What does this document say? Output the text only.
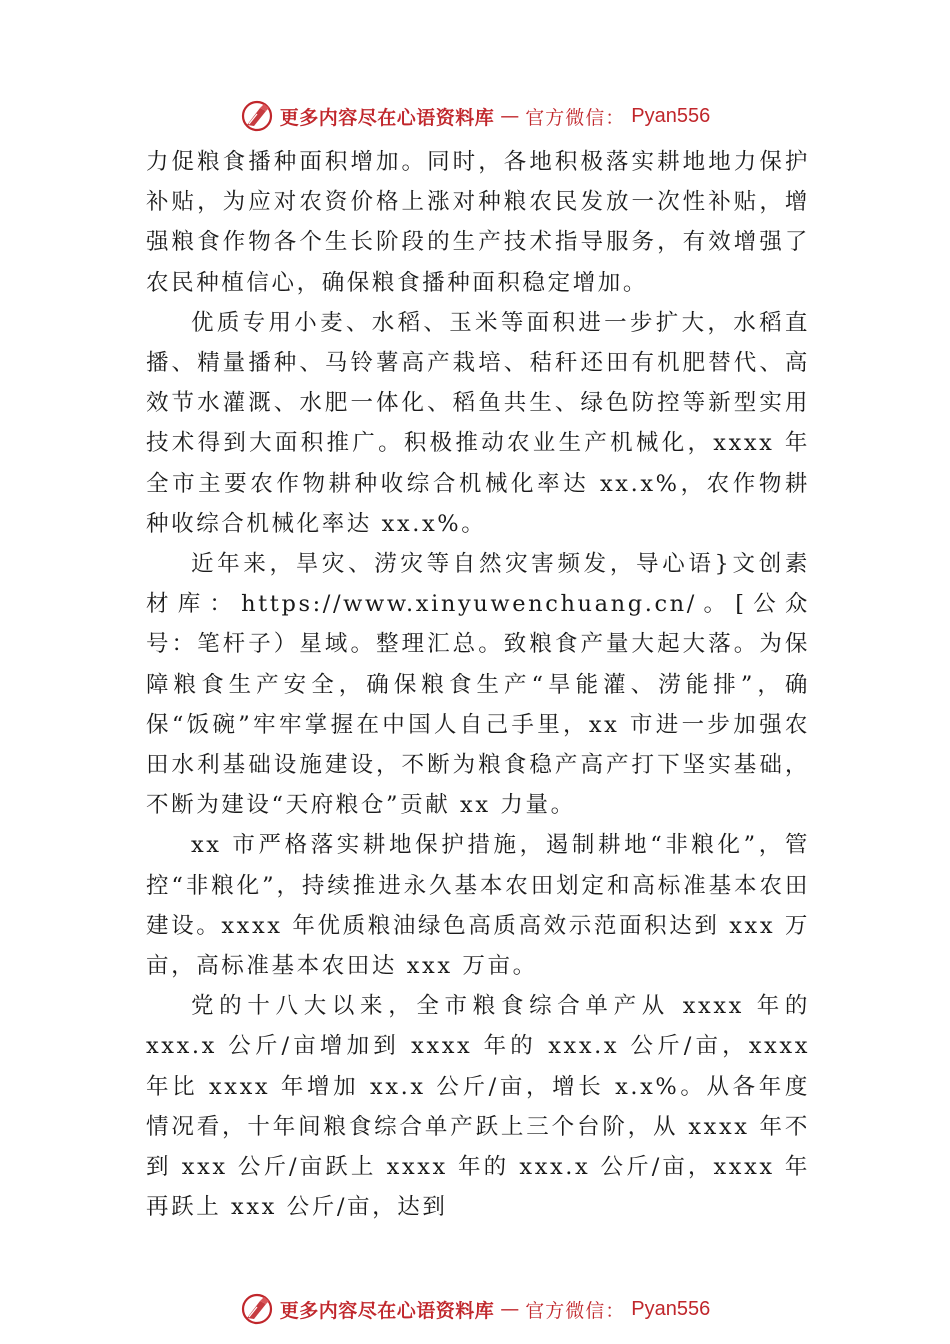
更多内容尽在心语资料库 — 官方微信： Pyan556

力促粮食播种面积增加。同时，各地积极落实耕地地力保护补贴，为应对农资价格上涨对种粮农民发放一次性补贴，增强粮食作物各个生长阶段的生产技术指导服务，有效增强了农民种植信心，确保粮食播种面积稳定增加。

优质专用小麦、水稻、玉米等面积进一步扩大，水稻直播、精量播种、马铃薯高产栽培、秸秆还田有机肥替代、高 效节水灌溉、水肥一体化、稻鱼共生、绿色防控等新型实用技术得到大面积推广。积极推动农业生产机械化，xxxx 年全市主要农作物耕种收综合机械化率达 xx.x%，农作物耕种收综合机械化率达 xx.x%。

近年来，旱灾、涝灾等自然灾害频发，导心语}文创素材库：https://www.xinyuwenchuang.cn/。[公众号：笔杆子）星域。整理汇总。致粮食产量大起大落。为保障粮食生产安全，确保粮食生产“旱能灌、涝能排”，确保“饭碗”牢牢掌握在中国人自己手里，xx 市进一步加强农田水利基础设施建设，不断为粮食稳产高产打下坚实基础，不断为建设“天府粮仓”贡献 xx 力量。

xx 市严格落实耕地保护措施，遏制耕地“非粮化”，管控“非粮化”，持续推进永久基本农田划定和高标准基本农田建设。xxxx 年优质粮油绿色高质高效示范面积达到 xxx 万亩，高标准基本农田达 xxx 万亩。

党的十八大以来，全市粮食综合单产从 xxxx 年的 xxx.x 公斤/亩增加到 xxxx 年的 xxx.x 公斤/亩，xxxx 年比 xxxx 年增加 xx.x 公斤/亩，增长 x.x%。从各年度情况看，十年间粮食综合单产跃上三个台阶，从 xxxx 年不到 xxx 公斤/亩跃上 xxxx 年的 xxx.x 公斤/亩，xxxx 年再跃上 xxx 公斤/亩，达到

更多内容尽在心语资料库 — 官方微信： Pyan556
